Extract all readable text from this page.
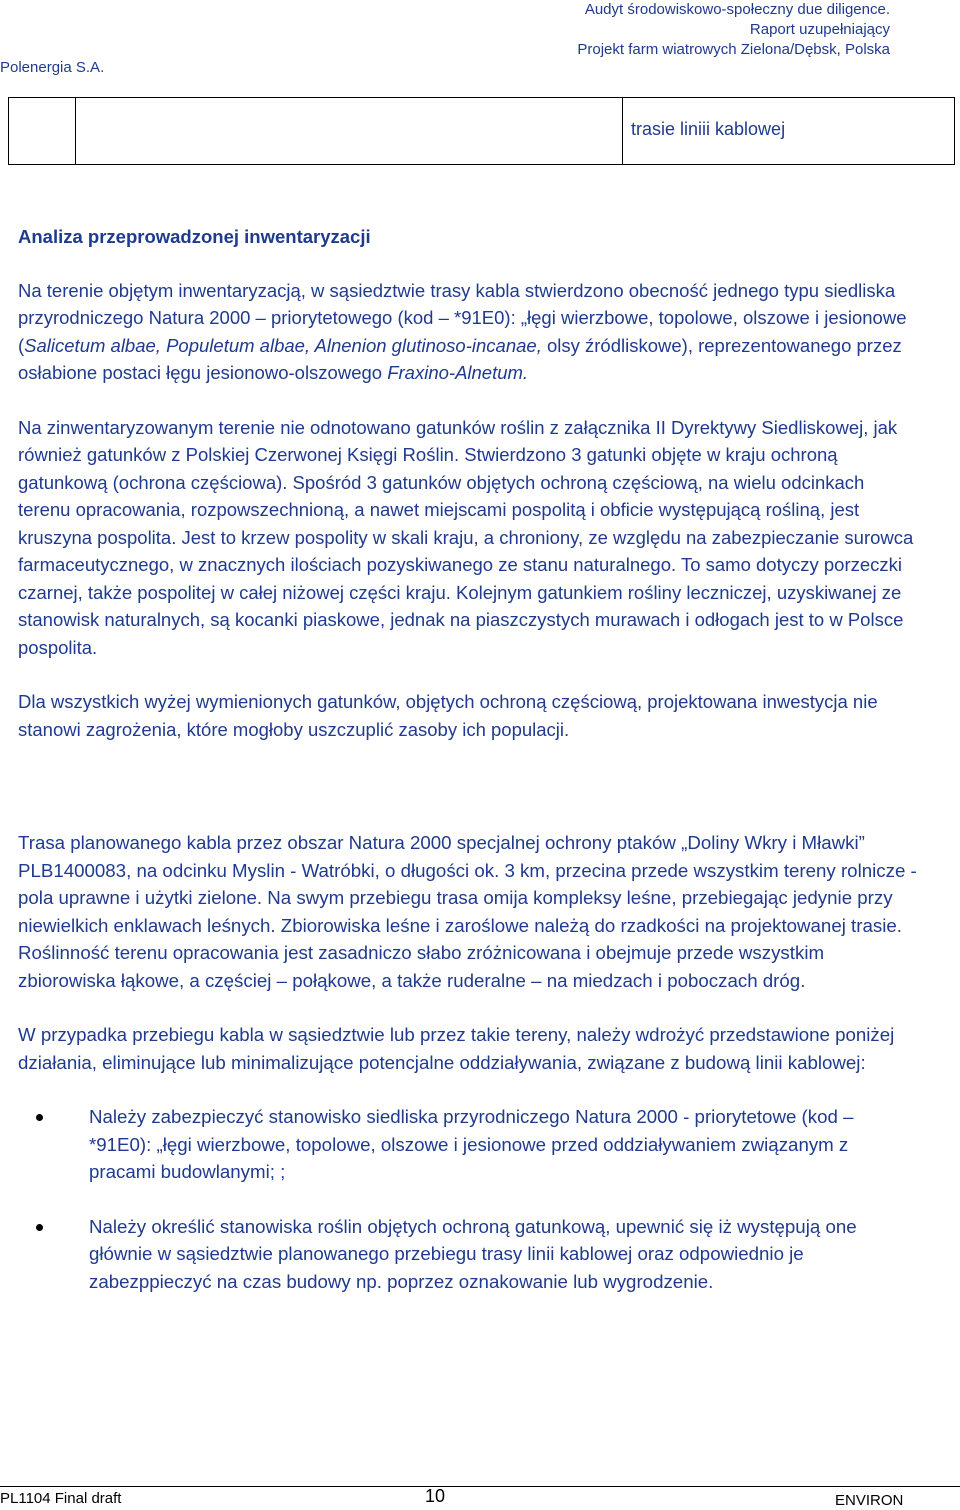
Polenergia S.A.
Audyt środowiskowo-społeczny due diligence.
Raport uzupełniający
Projekt farm wiatrowych Zielona/Dębsk, Polska
trasie liniii kablowej
Analiza przeprowadzonej inwentaryzacji

Na terenie objętym inwentaryzacją, w sąsiedztwie trasy kabla stwierdzono obecność jednego typu siedliska przyrodniczego Natura 2000 – priorytetowego (kod – *91E0): „łęgi wierzbowe, topolowe, olszowe i jesionowe (Salicetum albae, Populetum albae, Alnenion glutinoso-incanae, olsy źródliskowe), reprezentowanego przez osłabione postaci łęgu jesionowo-olszowego Fraxino-Alnetum.

Na zinwentaryzowanym terenie nie odnotowano gatunków roślin z załącznika II Dyrektywy Siedliskowej, jak również gatunków z Polskiej Czerwonej Księgi Roślin. Stwierdzono 3 gatunki objęte w kraju ochroną gatunkową (ochrona częściowa). Spośród 3 gatunków objętych ochroną częściową, na wielu odcinkach terenu opracowania, rozpowszechnioną, a nawet miejscami pospolitą i obficie występującą rośliną, jest kruszyna pospolita. Jest to krzew pospolity w skali kraju, a chroniony, ze względu na zabezpieczanie surowca farmaceutycznego, w znacznych ilościach pozyskiwanego ze stanu naturalnego. To samo dotyczy porzeczki czarnej, także pospolitej w całej niżowej części kraju. Kolejnym gatunkiem rośliny leczniczej, uzyskiwanej ze stanowisk naturalnych, są kocanki piaskowe, jednak na piaszczystych murawach i odłogach jest to w Polsce pospolita.

Dla wszystkich wyżej wymienionych gatunków, objętych ochroną częściową, projektowana inwestycja nie stanowi zagrożenia, które mogłoby uszczuplić zasoby ich populacji.

Trasa planowanego kabla przez obszar Natura 2000 specjalnej ochrony ptaków „Doliny Wkry i Mławki” PLB1400083, na odcinku Myslin - Watróbki, o długości ok. 3 km, przecina przede wszystkim tereny rolnicze - pola uprawne i użytki zielone. Na swym przebiegu trasa omija kompleksy leśne, przebiegając jedynie przy niewielkich enklawach leśnych. Zbiorowiska leśne i zaroślowe należą do rzadkości na projektowanej trasie. Roślinność terenu opracowania jest zasadniczo słabo zróżnicowana i obejmuje przede wszystkim zbiorowiska łąkowe, a częściej – połąkowe, a także ruderalne – na miedzach i poboczach dróg.

W przypadka przebiegu kabla w sąsiedztwie lub przez takie tereny, należy wdrożyć przedstawione poniżej działania, eliminujące lub minimalizujące potencjalne oddziaływania, związane z budową linii kablowej:

Należy zabezpieczyć stanowisko siedliska przyrodniczego Natura 2000 - priorytetowe (kod – *91E0): „łęgi wierzbowe, topolowe, olszowe i jesionowe przed oddziaływaniem związanym z pracami budowlanymi; ;
Należy określić stanowiska roślin objętych ochroną gatunkową, upewnić się iż występują one głównie w sąsiedztwie planowanego przebiegu trasy linii kablowej oraz odpowiednio je zabezppieczyć na czas budowy np. poprzez oznakowanie lub wygrodzenie.
PL1104 Final draft	10	ENVIRON
